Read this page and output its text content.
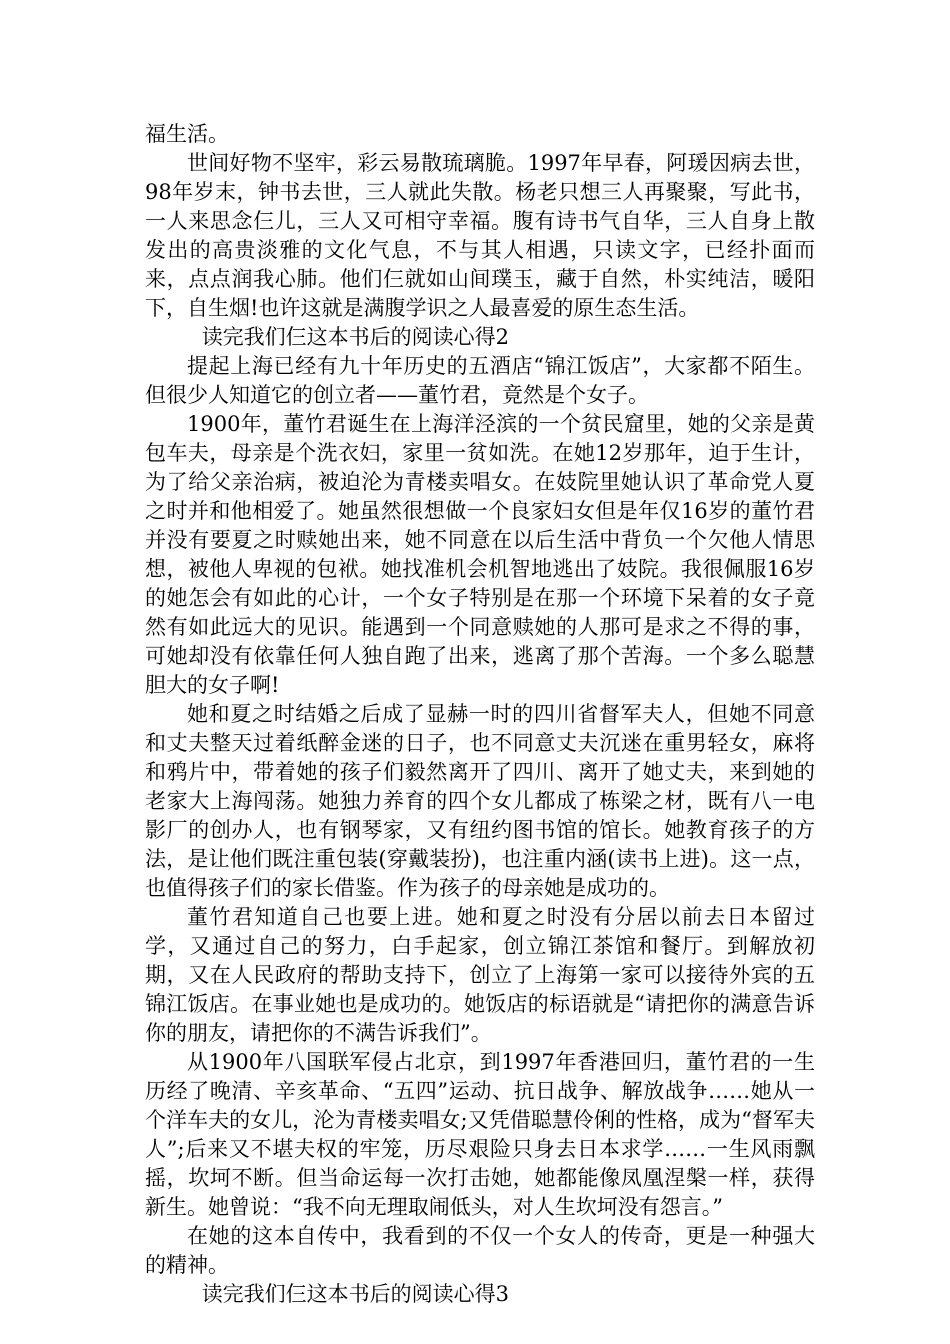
福生活。

世间好物不坚牢，彩云易散琉璃脆。1997年早春，阿瑗因病去世，98年岁末，钟书去世，三人就此失散。杨老只想三人再聚聚，写此书，一人来思念仨儿，三人又可相守幸福。腹有诗书气自华，三人自身上散发出的高贵淡雅的文化气息，不与其人相遇，只读文字，已经扑面而来，点点润我心肺。他们仨就如山间璞玉，藏于自然，朴实纯洁，暖阳下，自生烟!也许这就是满腹学识之人最喜爱的原生态生活。

读完我们仨这本书后的阅读心得2

提起上海已经有九十年历史的五酒店“锦江饭店”，大家都不陌生。但很少人知道它的创立者——董竹君，竟然是个女子。

1900年，董竹君诞生在上海洋泾滨的一个贫民窟里，她的父亲是黄包车夫，母亲是个洗衣妇，家里一贫如洗。在她12岁那年，迫于生计，为了给父亲治病，被迫沦为青楼卖唱女。在妓院里她认识了革命党人夏之时并和他相爱了。她虽然很想做一个良家妇女但是年仅16岁的董竹君并没有要夏之时赎她出来，她不同意在以后生活中背负一个欠他人情思想，被他人卑视的包袱。她找准机会机智地逃出了妓院。我很佩服16岁的她怎会有如此的心计，一个女子特别是在那一个环境下呆着的女子竟然有如此远大的见识。能遇到一个同意赎她的人那可是求之不得的事，可她却没有依靠任何人独自跑了出来，逃离了那个苦海。一个多么聪慧胆大的女子啊!

她和夏之时结婚之后成了显赫一时的四川省督军夫人，但她不同意和丈夫整天过着纸醉金迷的日子，也不同意丈夫沉迷在重男轻女，麻将和鸦片中，带着她的孩子们毅然离开了四川、离开了她丈夫，来到她的老家大上海闯荡。她独力养育的四个女儿都成了栋梁之材，既有八一电影厂的创办人，也有钢琴家，又有纽约图书馆的馆长。她教育孩子的方法，是让他们既注重包装(穿戴装扮)，也注重内涵(读书上进)。这一点，也值得孩子们的家长借鉴。作为孩子的母亲她是成功的。

董竹君知道自己也要上进。她和夏之时没有分居以前去日本留过学，又通过自己的努力，白手起家，创立锦江茶馆和餐厅。到解放初期，又在人民政府的帮助支持下，创立了上海第一家可以接待外宾的五锦江饭店。在事业她也是成功的。她饭店的标语就是“请把你的满意告诉你的朋友，请把你的不满告诉我们”。

从1900年八国联军侵占北京，到1997年香港回归，董竹君的一生历经了晚清、辛亥革命、“五四”运动、抗日战争、解放战争……她从一个洋车夫的女儿，沦为青楼卖唱女;又凭借聪慧伶俐的性格，成为“督军夫人”;后来又不堪夫权的牢笼，历尽艰险只身去日本求学……一生风雨飘摇，坎坷不断。但当命运每一次打击她，她都能像凤凰涅槃一样，获得新生。她曾说：“我不向无理取闹低头，对人生坎坷没有怨言。”

在她的这本自传中，我看到的不仅一个女人的传奇，更是一种强大的精神。

读完我们仨这本书后的阅读心得3
